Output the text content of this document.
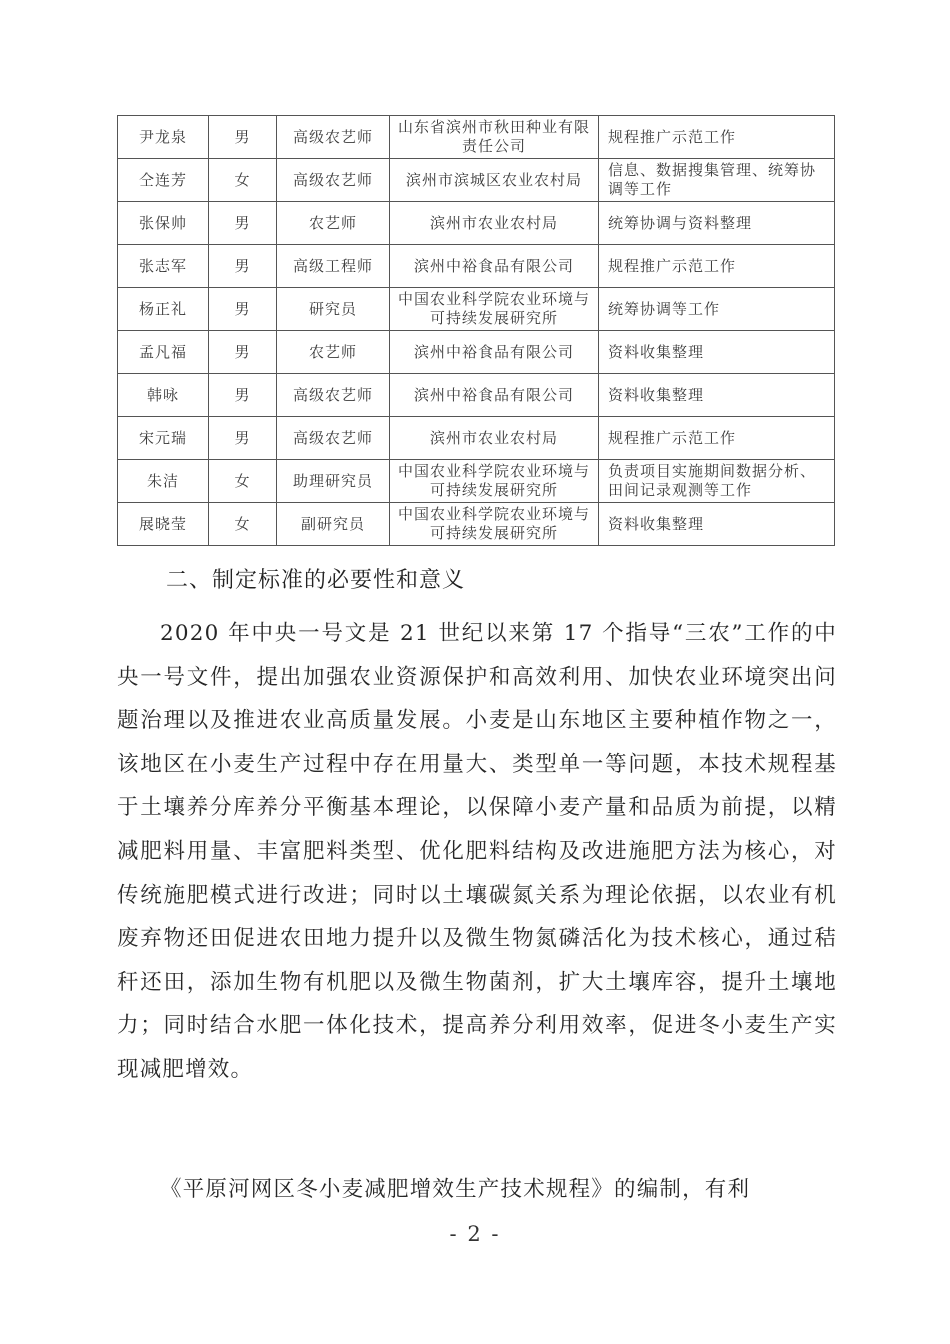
尹龙泉	男	高级农艺师	山东省滨州市秋田种业有限责任公司	规程推广示范工作
仝连芳	女	高级农艺师	滨州市滨城区农业农村局	信息、数据搜集管理、统筹协调等工作
张保帅	男	农艺师	滨州市农业农村局	统筹协调与资料整理
张志军	男	高级工程师	滨州中裕食品有限公司	规程推广示范工作
杨正礼	男	研究员	中国农业科学院农业环境与可持续发展研究所	统筹协调等工作
孟凡福	男	农艺师	滨州中裕食品有限公司	资料收集整理
韩咏	男	高级农艺师	滨州中裕食品有限公司	资料收集整理
宋元瑞	男	高级农艺师	滨州市农业农村局	规程推广示范工作
朱洁	女	助理研究员	中国农业科学院农业环境与可持续发展研究所	负责项目实施期间数据分析、田间记录观测等工作
展晓莹	女	副研究员	中国农业科学院农业环境与可持续发展研究所	资料收集整理
二、制定标准的必要性和意义

2020 年中央一号文是 21 世纪以来第 17 个指导“三农”工作的中央一号文件，提出加强农业资源保护和高效利用、加快农业环境突出问题治理以及推进农业高质量发展。小麦是山东地区主要种植作物之一，该地区在小麦生产过程中存在用量大、类型单一等问题，本技术规程基于土壤养分库养分平衡基本理论，以保障小麦产量和品质为前提，以精减肥料用量、丰富肥料类型、优化肥料结构及改进施肥方法为核心，对传统施肥模式进行改进；同时以土壤碳氮关系为理论依据，以农业有机废弃物还田促进农田地力提升以及微生物氮磷活化为技术核心，通过秸秆还田，添加生物有机肥以及微生物菌剂，扩大土壤库容，提升土壤地力；同时结合水肥一体化技术，提高养分利用效率，促进冬小麦生产实现减肥增效。

《平原河网区冬小麦减肥增效生产技术规程》的编制，有利

- 2 -
